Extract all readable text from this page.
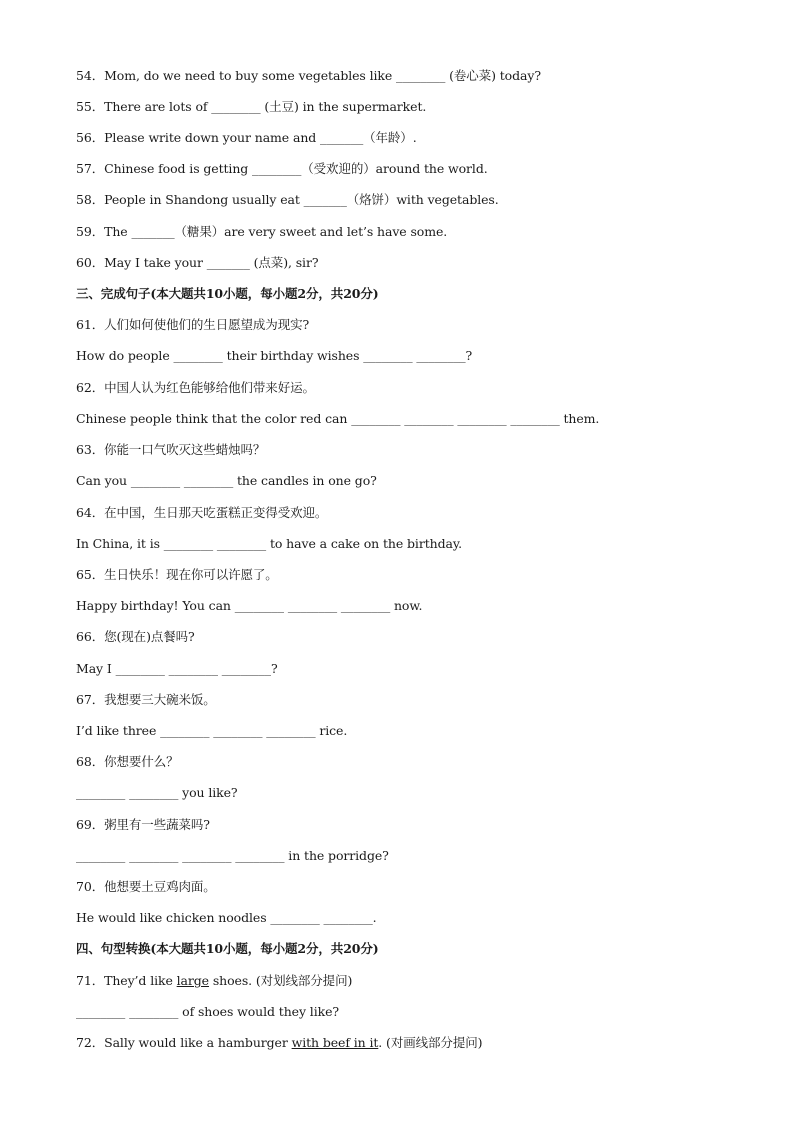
54．Mom, do we need to buy some vegetables like ________ (卷心菜) today?
55．There are lots of ________ (土豆) in the supermarket.
56．Please write down your name and _______（年龄）.
57．Chinese food is getting ________（受欢迎的）around the world.
58．People in Shandong usually eat _______（烙饼）with vegetables.
59．The _______（糖果）are very sweet and let’s have some.
60．May I take your _______ (点菜), sir?
三、完成句子(本大题共10小题，每小题2分，共20分)
61．人们如何使他们的生日愿望成为现实?
How do people ________ their birthday wishes ________ ________?
62．中国人认为红色能够给他们带来好运。
Chinese people think that the color red can ________ ________ ________ ________ them.
63．你能一口气吹灭这些蜡烛吗？
Can you ________ ________ the candles in one go?
64．在中国，生日那天吃蛋糕正变得受欢迎。
In China, it is ________ ________ to have a cake on the birthday.
65．生日快乐！现在你可以许愿了。
Happy birthday! You can ________ ________ ________ now.
66．您(现在)点餐吗?
May I ________ ________ ________?
67．我想要三大碗米饭。
I’d like three ________ ________ ________ rice.
68．你想要什么？
________ ________ you like?
69．粥里有一些蔬菜吗?
________ ________ ________ ________ in the porridge?
70．他想要土豆鸡肉面。
He would like chicken noodles ________ ________.
四、句型转换(本大题共10小题，每小题2分，共20分)
71．They’d like large shoes. (对划线部分提问)
________ ________ of shoes would they like?
72．Sally would like a hamburger with beef in it. (对画线部分提问)
